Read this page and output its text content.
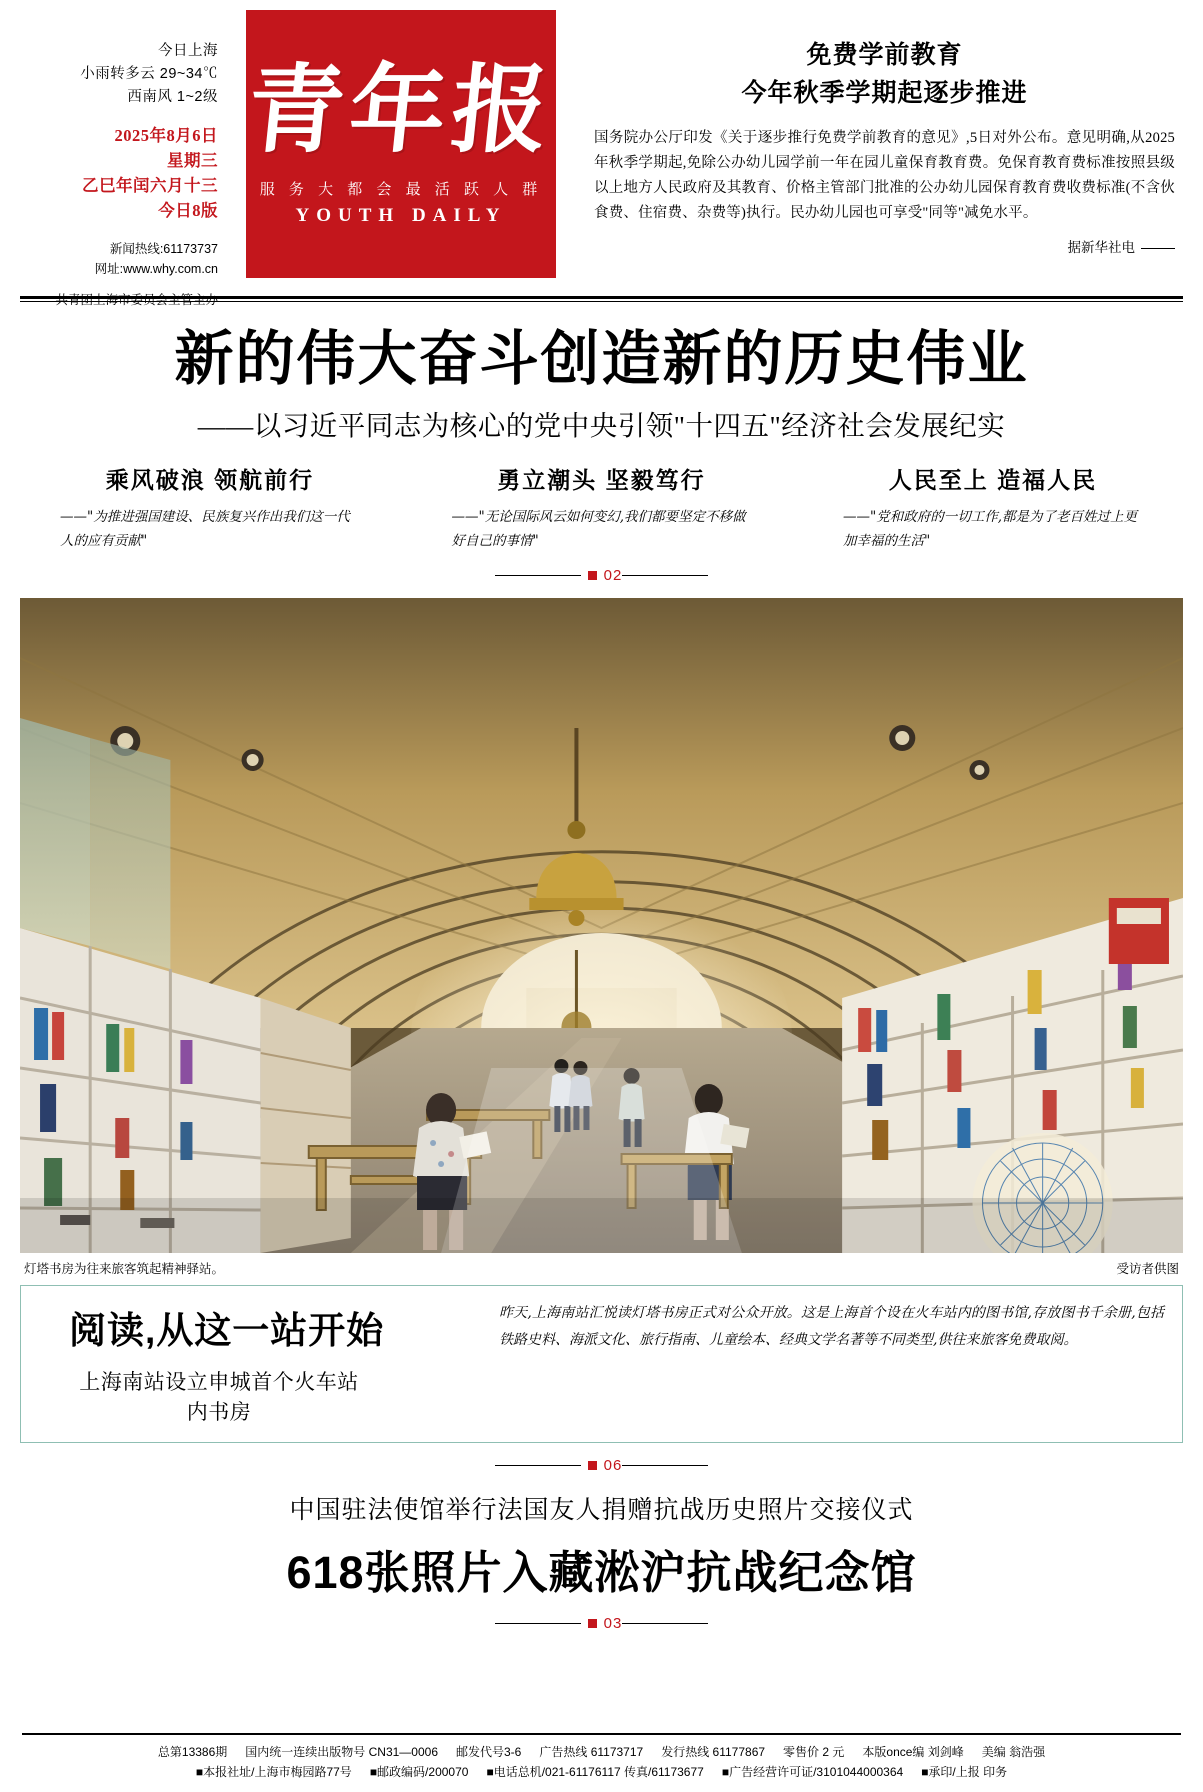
今日上海
小雨转多云 29~34℃
西南风 1~2级
2025年8月6日
星期三
乙巳年闰六月十三
今日8版
新闻热线:61173737
网址:www.why.com.cn
共青团上海市委员会主管主办
青年报
服 务 大 都 会 最 活 跃 人 群
YOUTH DAILY
免费学前教育
今年秋季学期起逐步推进
国务院办公厅印发《关于逐步推行免费学前教育的意见》,5日对外公布。意见明确,从2025年秋季学期起,免除公办幼儿园学前一年在园儿童保育教育费。免保育教育费标准按照县级以上地方人民政府及其教育、价格主管部门批准的公办幼儿园保育教育费收费标准(不含伙食费、住宿费、杂费等)执行。民办幼儿园也可享受"同等"减免水平。
据新华社电
新的伟大奋斗创造新的历史伟业
——以习近平同志为核心的党中央引领"十四五"经济社会发展纪实
乘风破浪 领航前行
——"为推进强国建设、民族复兴作出我们这一代人的应有贡献"
勇立潮头 坚毅笃行
——"无论国际风云如何变幻,我们都要坚定不移做好自己的事情"
人民至上 造福人民
——"党和政府的一切工作,都是为了老百姓过上更加幸福的生活"
02
灯塔书房为往来旅客筑起精神驿站。	受访者供图
阅读,从这一站开始
上海南站设立申城首个火车站内书房
昨天,上海南站汇悦读灯塔书房正式对公众开放。这是上海首个设在火车站内的图书馆,存放图书千余册,包括铁路史料、海派文化、旅行指南、儿童绘本、经典文学名著等不同类型,供往来旅客免费取阅。
06
中国驻法使馆举行法国友人捐赠抗战历史照片交接仪式
618张照片入藏淞沪抗战纪念馆
03
总第13386期 国内统一连续出版物号 CN31—0006 邮发代号3-6 广告热线 61173717 发行热线 61177867 零售价 2 元 本版once编 刘剑峰 美编 翁浩强
■本报社址/上海市梅园路77号 ■邮政编码/200070 ■电话总机/021-61176117 传真/61173677 ■广告经营许可证/3101044000364 ■承印/上报 印务
